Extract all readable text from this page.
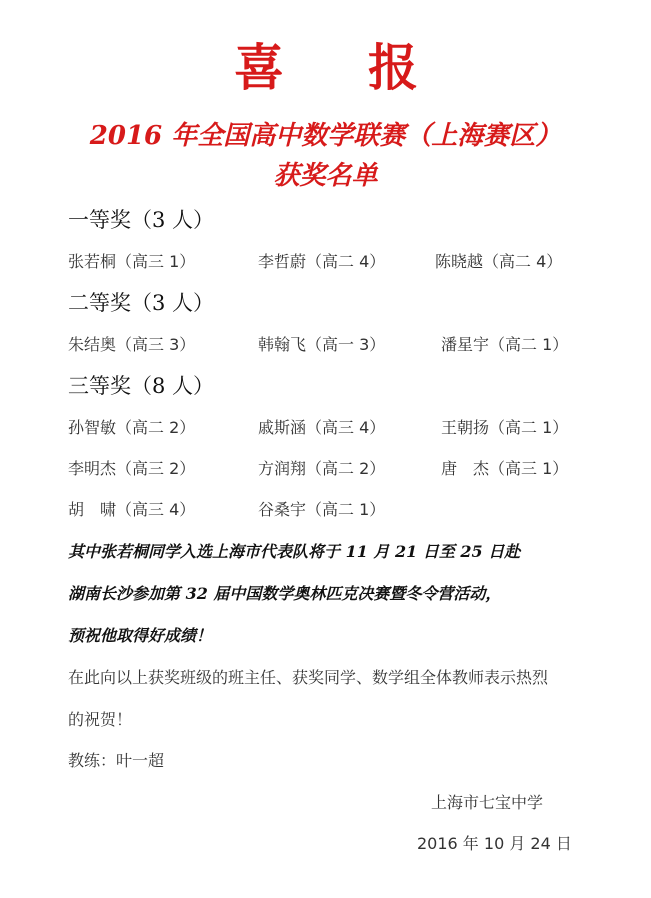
喜 报
2016 年全国高中数学联赛（上海赛区）
获奖名单
一等奖（3 人）
张若桐（高三 1）	李哲蔚（高二 4）	陈晓越（高二 4）
二等奖（3 人）
朱结奥（高三 3）	韩翰飞（高一 3）	潘星宇（高二 1）
三等奖（8 人）
孙智敏（高二 2）	戚斯涵（高三 4）	王朝扬（高二 1）
李明杰（高三 2）	方润翔（高二 2）	唐　杰（高三 1）
胡　啸（高三 4）	谷桑宇（高二 1）
其中张若桐同学入选上海市代表队将于 11 月 21 日至 25 日赴
湖南长沙参加第 32 届中国数学奥林匹克决赛暨冬令营活动，
预祝他取得好成绩！
在此向以上获奖班级的班主任、获奖同学、数学组全体教师表示热烈
的祝贺！
教练：叶一超
上海市七宝中学
2016 年 10 月 24 日
